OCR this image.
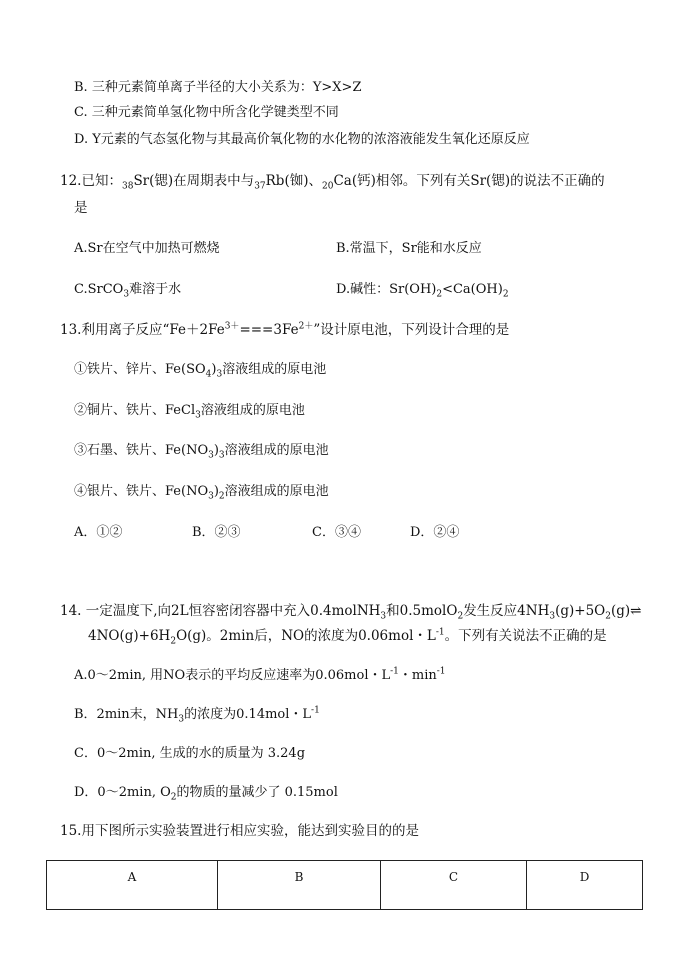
B. 三种元素简单离子半径的大小关系为：Y>X>Z
C. 三种元素简单氢化物中所含化学键类型不同
D. Y元素的气态氢化物与其最高价氧化物的水化物的浓溶液能发生氧化还原反应
12.已知：$_{38}$Sr(锶)在周期表中与$_{37}$Rb(铷)、$_{20}$Ca(钙)相邻。下列有关Sr(锶)的说法不正确的
是
A.Sr在空气中加热可燃烧	B.常温下，Sr能和水反应
C.SrCO$_3$难溶于水	D.碱性：$Sr(OH)_2<Ca(OH)_2$
13.利用离子反应“$Fe+2Fe^{3+}===3Fe^{2+}$”设计原电池，下列设计合理的是
①铁片、锌片、$Fe(SO_4)_3$溶液组成的原电池
②铜片、铁片、FeCl$_3$溶液组成的原电池
③石墨、铁片、$Fe(NO_3)_3$溶液组成的原电池
④银片、铁片、$Fe(NO_3)_2$溶液组成的原电池
A．①②	B．②③	C．③④	D．②④
14. 一定温度下,向2L恒容密闭容器中充入0.4molNH$_3$和0.5molO$_2$发生反应$4NH_3(g)+5O_2(g)\rightleftharpoons$
$4NO(g)+6H_2O(g)$。2min后，NO的浓度为0.06mol・$L^{-1}$。下列有关说法不正确的是
A.0～2min, 用NO表示的平均反应速率为0.06mol・$L^{-1}$・$\min^{-1}$
B．2min末，$NH_3$的浓度为0.14mol・$L^{-1}$
C．0～2min, 生成的水的质量为 3.24g
D．0～2min, $O_2$的物质的量减少了 0.15mol
15.用下图所示实验装置进行相应实验，能达到实验目的的是
A	B	C	D
